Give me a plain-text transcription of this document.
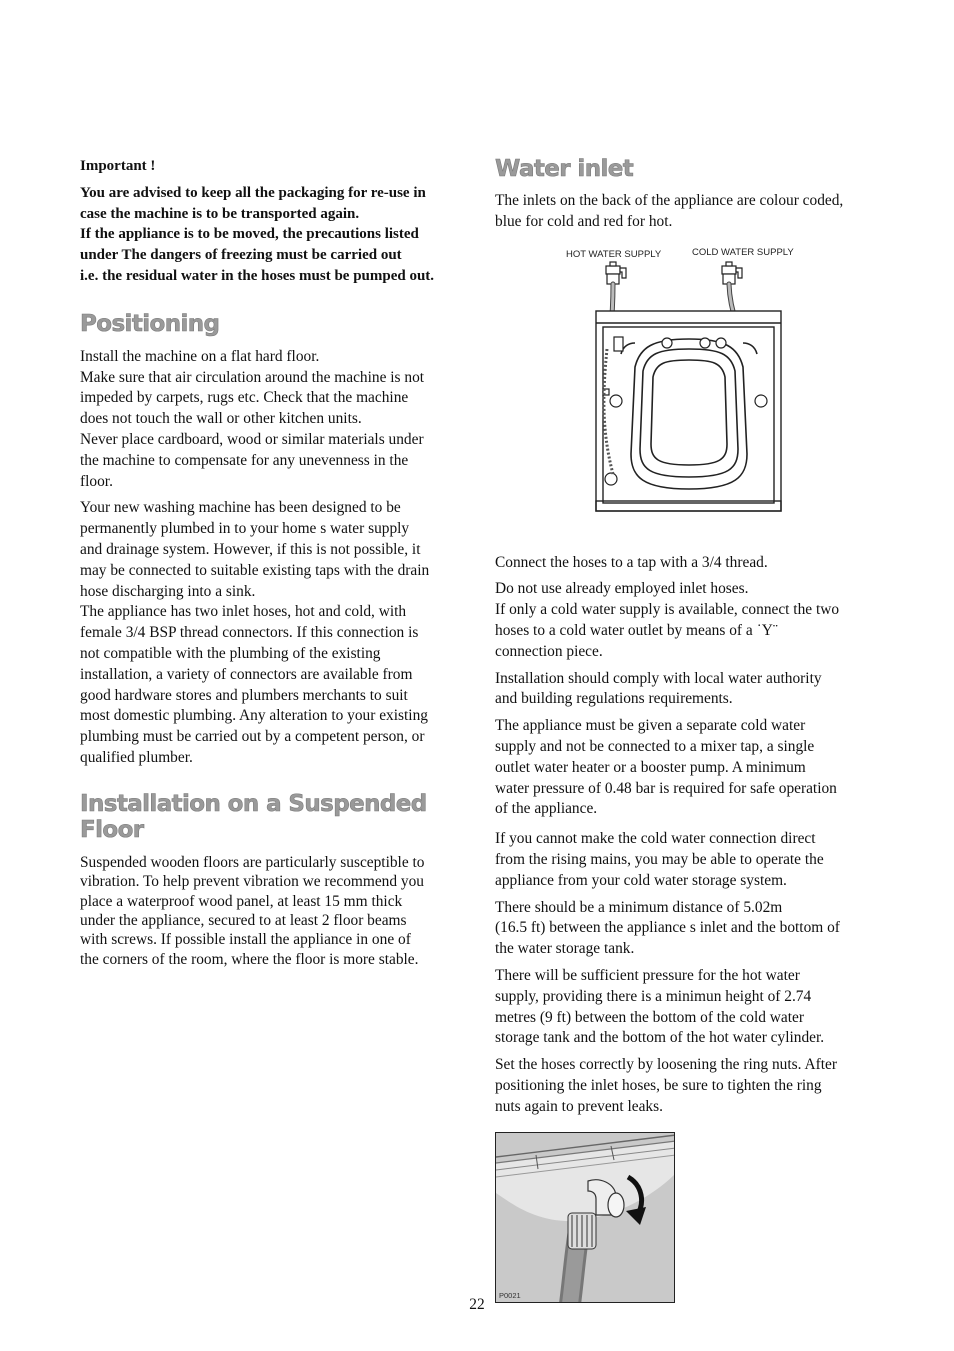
Important !

You are advised to keep all the packaging for re-use in
case the machine is to be transported again.
If the appliance is to be moved, the precautions listed
under The dangers of freezing must be carried out
i.e. the residual water in the hoses must be pumped out.

Positioning

Install the machine on a flat hard floor.
Make sure that air circulation around the machine is not
impeded by carpets, rugs etc. Check that the machine
does not touch the wall or other kitchen units.
Never place cardboard, wood or similar materials under
the machine to compensate for any unevenness in the
floor.

Your new washing machine has been designed to be
permanently plumbed in to your home s water supply
and drainage system. However, if this is not possible, it
may be connected to suitable existing taps with the drain
hose discharging into a sink.
The appliance has two inlet hoses, hot and cold, with
female 3/4 BSP thread connectors. If this connection is
not compatible with the plumbing of the existing
installation, a variety of connectors are available from
good hardware stores and plumbers merchants to suit
most domestic plumbing. Any alteration to your existing
plumbing must be carried out by a competent person, or
qualified plumber.

Installation on a Suspended Floor

Suspended wooden floors are particularly susceptible to
vibration. To help prevent vibration we recommend you
place a waterproof wood panel, at least 15 mm thick
under the appliance, secured to at least 2 floor beams
with screws. If possible install the appliance in one of
the corners of the room, where the floor is more stable.

Water inlet

The inlets on the back of the appliance are colour coded,
blue for cold and red for hot.

HOT WATER SUPPLY	COLD WATER SUPPLY

Connect the hoses to a tap with a 3/4 thread.

Do not use already employed inlet hoses.
If only a cold water supply is available, connect the two
hoses to a cold water outlet by means of a ˙Y¨
connection piece.

Installation should comply with local water authority
and building regulations requirements.

The appliance must be given a separate cold water
supply and not be connected to a mixer tap, a single
outlet water heater or a booster pump. A minimum
water pressure of 0.48 bar is required for safe operation
of the appliance.

If you cannot make the cold water connection direct
from the rising mains, you may be able to operate the
appliance from your cold water storage system.

There should be a minimum distance of 5.02m
(16.5 ft) between the appliance s inlet and the bottom of
the water storage tank.

There will be sufficient pressure for the hot water
supply, providing there is a minimun height of 2.74
metres (9 ft) between the bottom of the cold water
storage tank and the bottom of the hot water cylinder.

Set the hoses correctly by loosening the ring nuts. After
positioning the inlet hoses, be sure to tighten the ring
nuts again to prevent leaks.

P0021
22
